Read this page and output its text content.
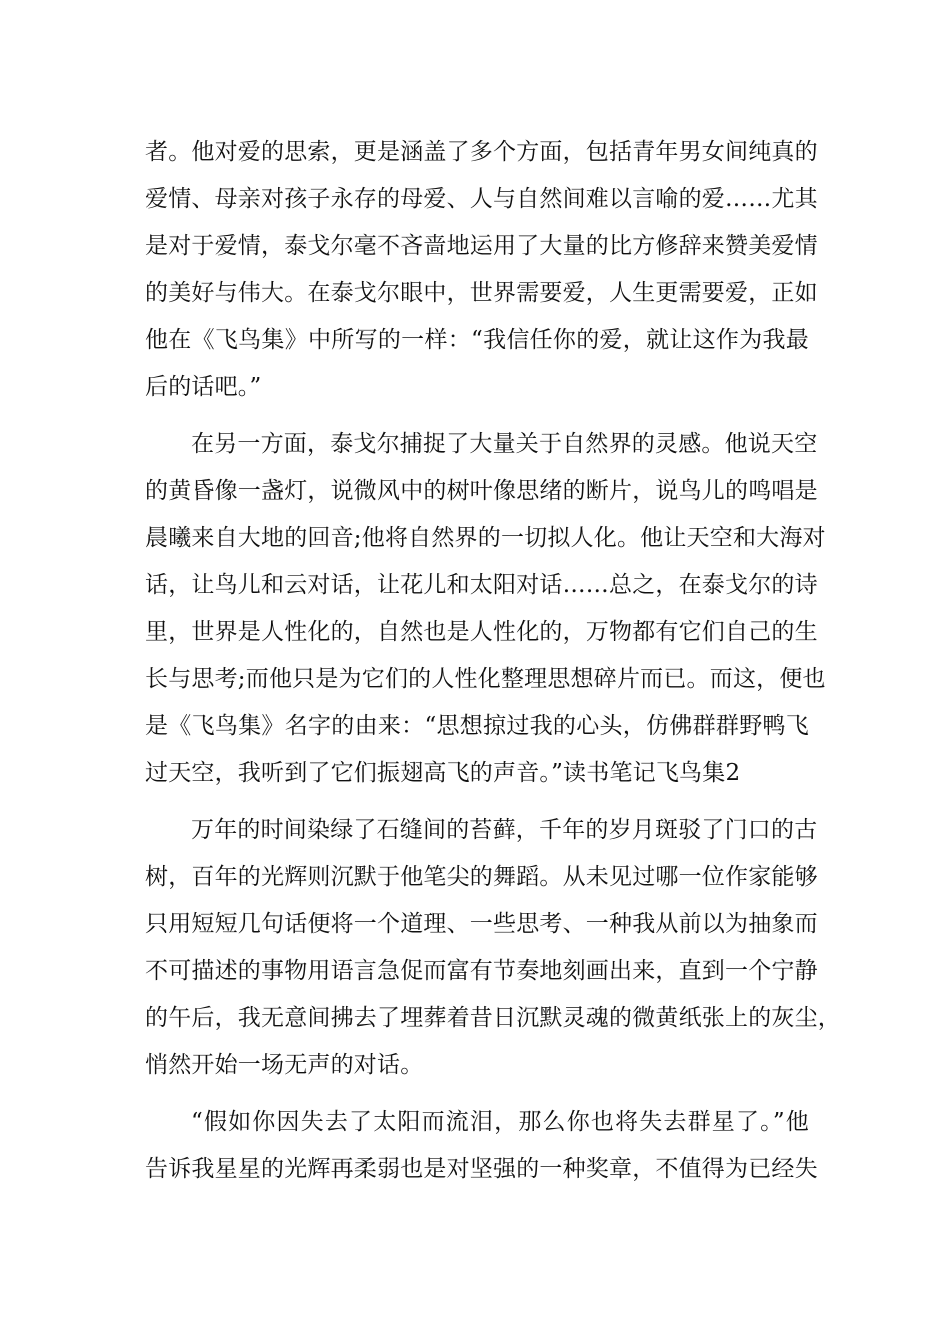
者。他对爱的思索，更是涵盖了多个方面，包括青年男女间纯真的
爱情、母亲对孩子永存的母爱、人与自然间难以言喻的爱……尤其
是对于爱情，泰戈尔毫不吝啬地运用了大量的比方修辞来赞美爱情
的美好与伟大。在泰戈尔眼中，世界需要爱，人生更需要爱，正如
他在《飞鸟集》中所写的一样：“我信任你的爱，就让这作为我最
后的话吧。”
在另一方面，泰戈尔捕捉了大量关于自然界的灵感。他说天空
的黄昏像一盏灯，说微风中的树叶像思绪的断片，说鸟儿的鸣唱是
晨曦来自大地的回音;他将自然界的一切拟人化。他让天空和大海对
话，让鸟儿和云对话，让花儿和太阳对话……总之，在泰戈尔的诗
里，世界是人性化的，自然也是人性化的，万物都有它们自己的生
长与思考;而他只是为它们的人性化整理思想碎片而已。而这，便也
是《飞鸟集》名字的由来：“思想掠过我的心头，仿佛群群野鸭飞
过天空，我听到了它们振翅高飞的声音。”读书笔记飞鸟集2
万年的时间染绿了石缝间的苔藓，千年的岁月斑驳了门口的古
树，百年的光辉则沉默于他笔尖的舞蹈。从未见过哪一位作家能够
只用短短几句话便将一个道理、一些思考、一种我从前以为抽象而
不可描述的事物用语言急促而富有节奏地刻画出来，直到一个宁静
的午后，我无意间拂去了埋葬着昔日沉默灵魂的微黄纸张上的灰尘，
悄然开始一场无声的对话。
“假如你因失去了太阳而流泪，那么你也将失去群星了。”他
告诉我星星的光辉再柔弱也是对坚强的一种奖章，不值得为已经失
